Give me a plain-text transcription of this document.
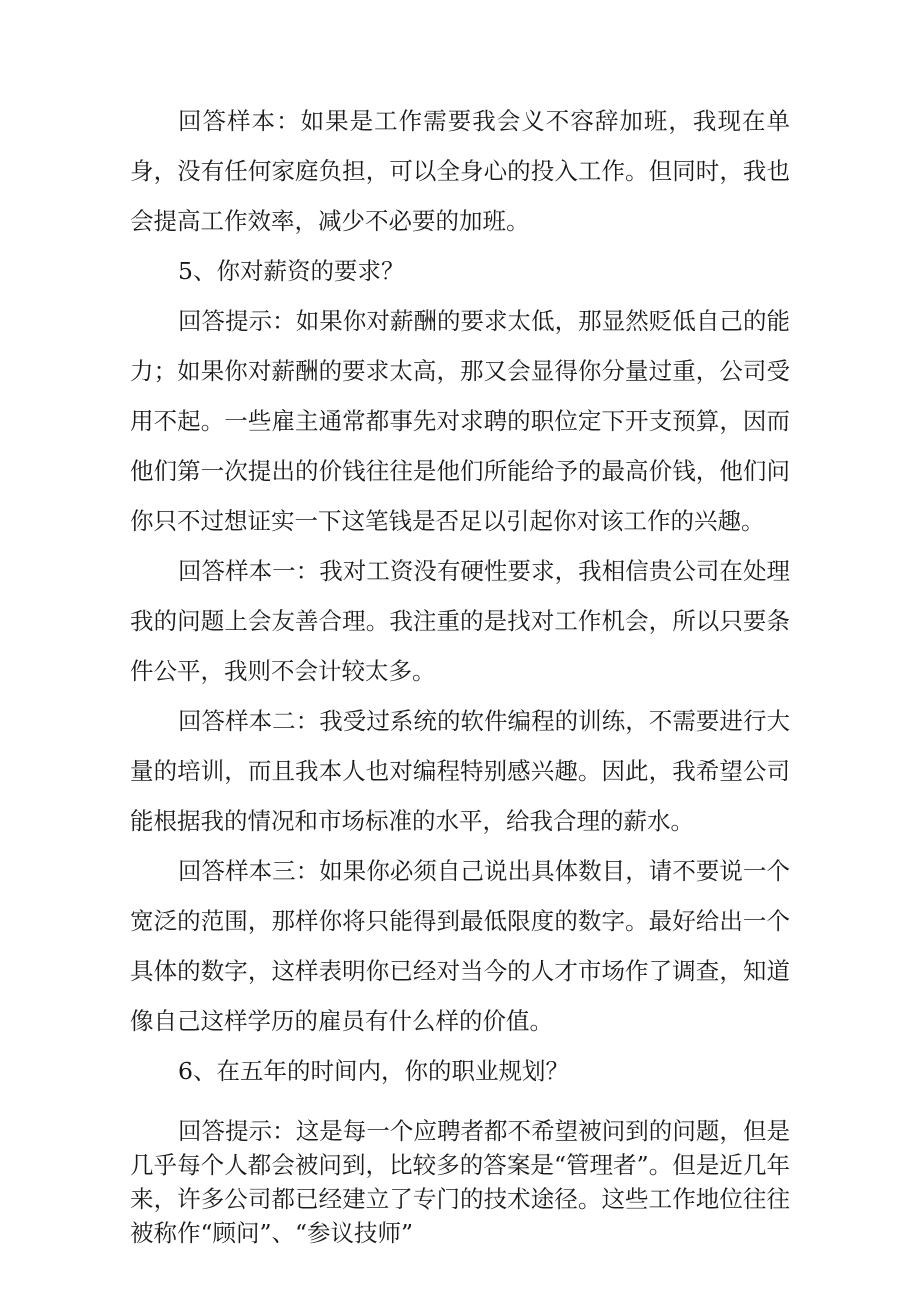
回答样本：如果是工作需要我会义不容辞加班，我现在单身，没有任何家庭负担，可以全身心的投入工作。但同时，我也会提高工作效率，减少不必要的加班。

5、你对薪资的要求？

回答提示：如果你对薪酬的要求太低，那显然贬低自己的能力；如果你对薪酬的要求太高，那又会显得你分量过重，公司受用不起。一些雇主通常都事先对求聘的职位定下开支预算，因而他们第一次提出的价钱往往是他们所能给予的最高价钱，他们问你只不过想证实一下这笔钱是否足以引起你对该工作的兴趣。

回答样本一：我对工资没有硬性要求，我相信贵公司在处理我的问题上会友善合理。我注重的是找对工作机会，所以只要条件公平，我则不会计较太多。

回答样本二：我受过系统的软件编程的训练，不需要进行大量的培训，而且我本人也对编程特别感兴趣。因此，我希望公司能根据我的情况和市场标准的水平，给我合理的薪水。

回答样本三：如果你必须自己说出具体数目，请不要说一个宽泛的范围，那样你将只能得到最低限度的数字。最好给出一个具体的数字，这样表明你已经对当今的人才市场作了调查，知道像自己这样学历的雇员有什么样的价值。

6、在五年的时间内，你的职业规划？

回答提示：这是每一个应聘者都不希望被问到的问题，但是几乎每个人都会被问到，比较多的答案是“管理者”。但是近几年来，许多公司都已经建立了专门的技术途径。这些工作地位往往被称作“顾问”、“参议技师”
